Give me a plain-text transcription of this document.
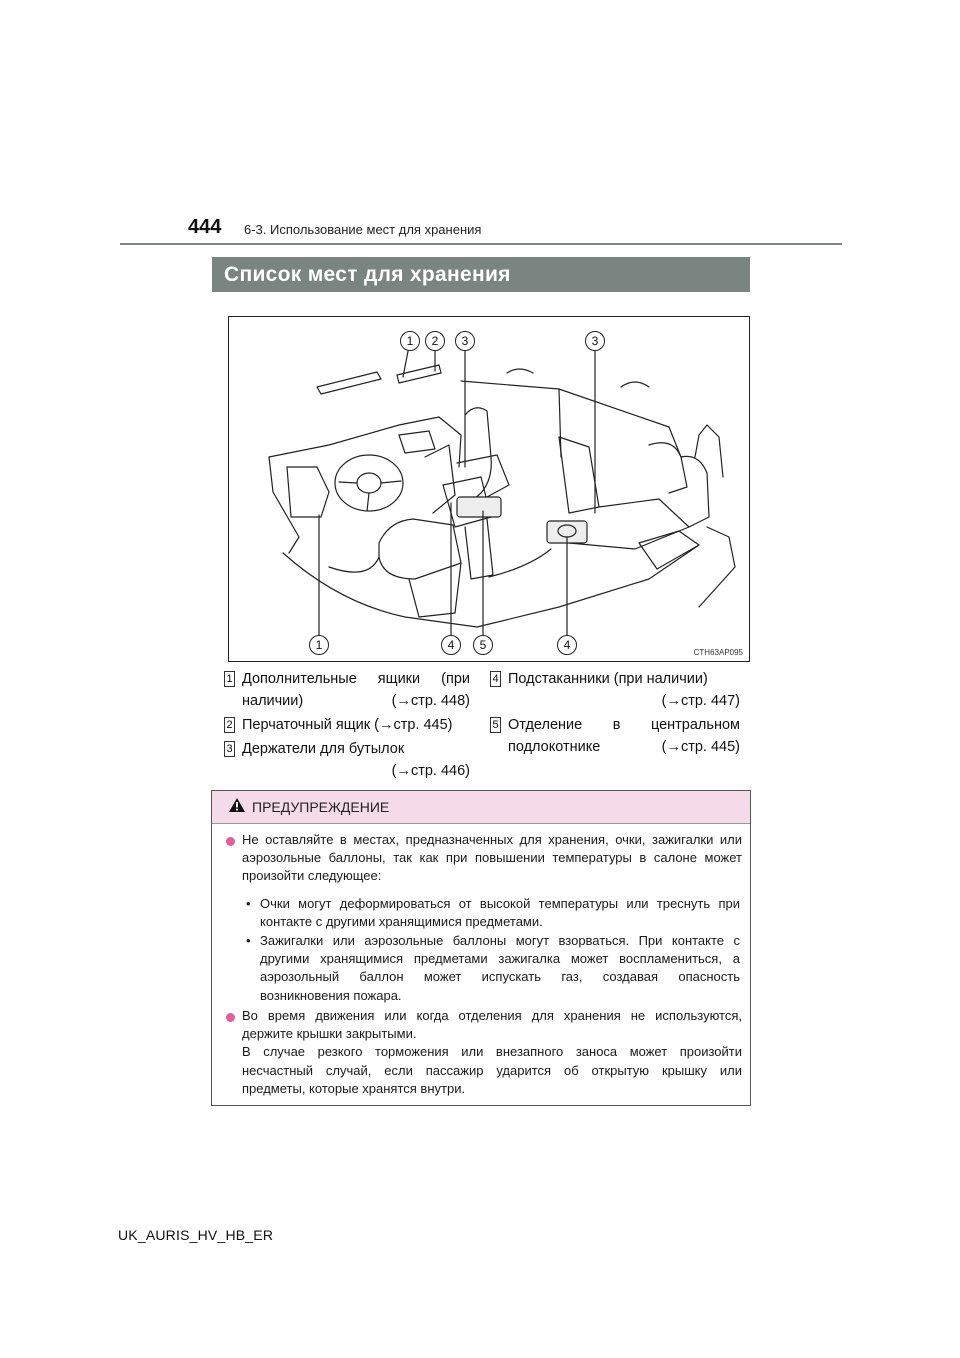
444 6-3. Использование мест для хранения
Список мест для хранения
1	2	3	3
1	4	5	4
CTH63AP095
1 Дополнительные ящики (при
наличии)	(→стр. 448)
2 Перчаточный ящик (→стр. 445)
3 Держатели для бутылок
(→стр. 446)
4 Подстаканники (при наличии)
(→стр. 447)
5 Отделение в центральном
подлокотнике	(→стр. 445)
ПРЕДУПРЕЖДЕНИЕ
Не оставляйте в местах, предназначенных для хранения, очки, зажигалки или
аэрозольные баллоны, так как при повышении температуры в салоне может
произойти следующее:
• Очки могут деформироваться от высокой температуры или треснуть при
контакте с другими хранящимися предметами.
• Зажигалки или аэрозольные баллоны могут взорваться. При контакте с
другими хранящимися предметами зажигалка может воспламениться, а
аэрозольный баллон может испускать газ, создавая опасность
возникновения пожара.
Во время движения или когда отделения для хранения не используются,
держите крышки закрытыми.
В случае резкого торможения или внезапного заноса может произойти
несчастный случай, если пассажир ударится об открытую крышку или
предметы, которые хранятся внутри.
UK_AURIS_HV_HB_ER
